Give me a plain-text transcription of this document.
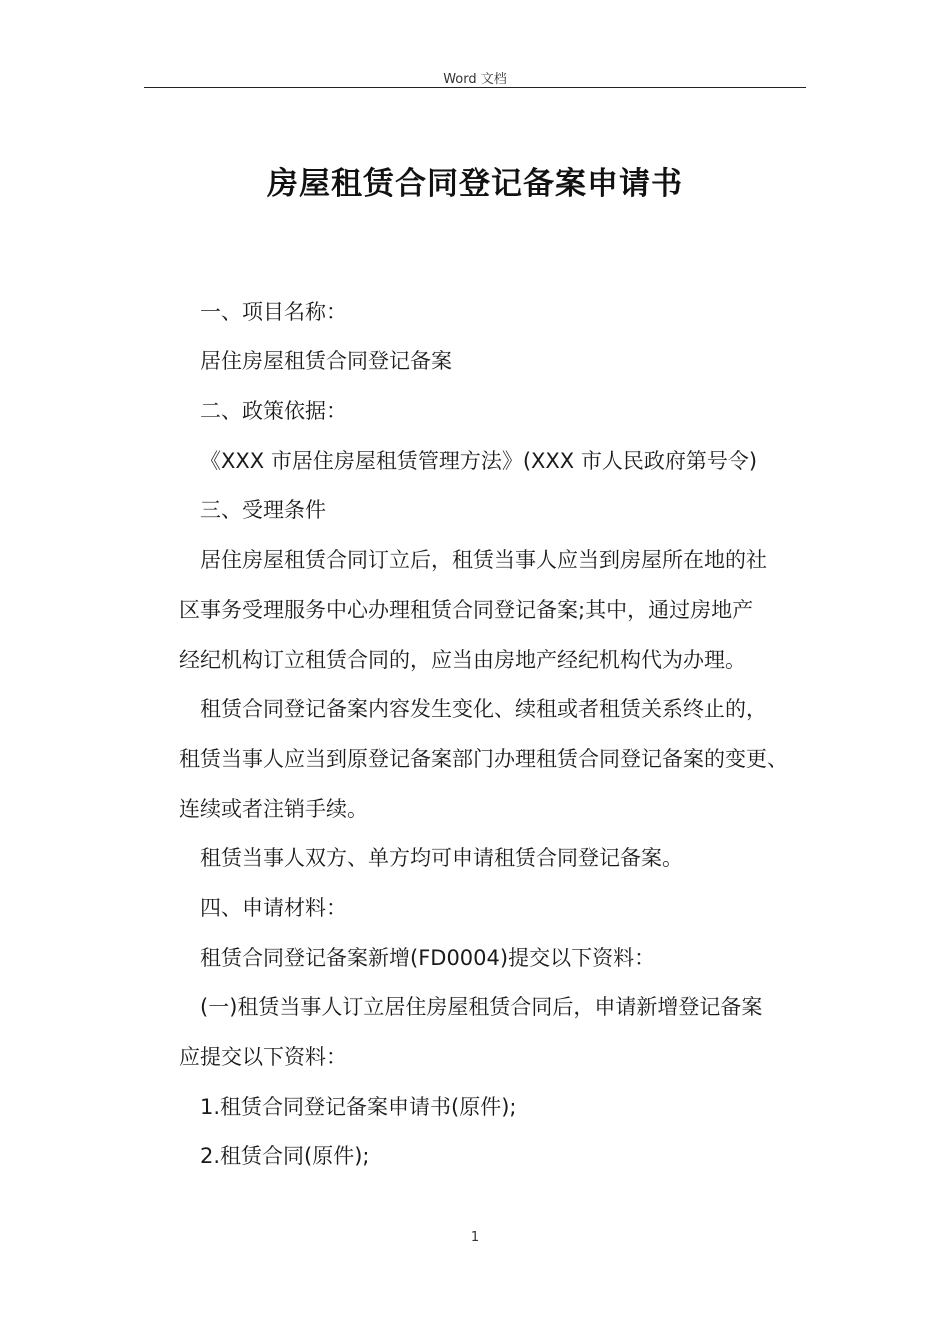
Word 文档
房屋租赁合同登记备案申请书
一、项目名称：
居住房屋租赁合同登记备案
二、政策依据：
《XXX 市居住房屋租赁管理方法》(XXX 市人民政府第号令)
三、受理条件
居住房屋租赁合同订立后，租赁当事人应当到房屋所在地的社
区事务受理服务中心办理租赁合同登记备案;其中，通过房地产
经纪机构订立租赁合同的，应当由房地产经纪机构代为办理。
租赁合同登记备案内容发生变化、续租或者租赁关系终止的，
租赁当事人应当到原登记备案部门办理租赁合同登记备案的变更、
连续或者注销手续。
租赁当事人双方、单方均可申请租赁合同登记备案。
四、申请材料：
租赁合同登记备案新增(FD0004)提交以下资料：
(一)租赁当事人订立居住房屋租赁合同后，申请新增登记备案
应提交以下资料：
1.租赁合同登记备案申请书(原件);
2.租赁合同(原件);
1
